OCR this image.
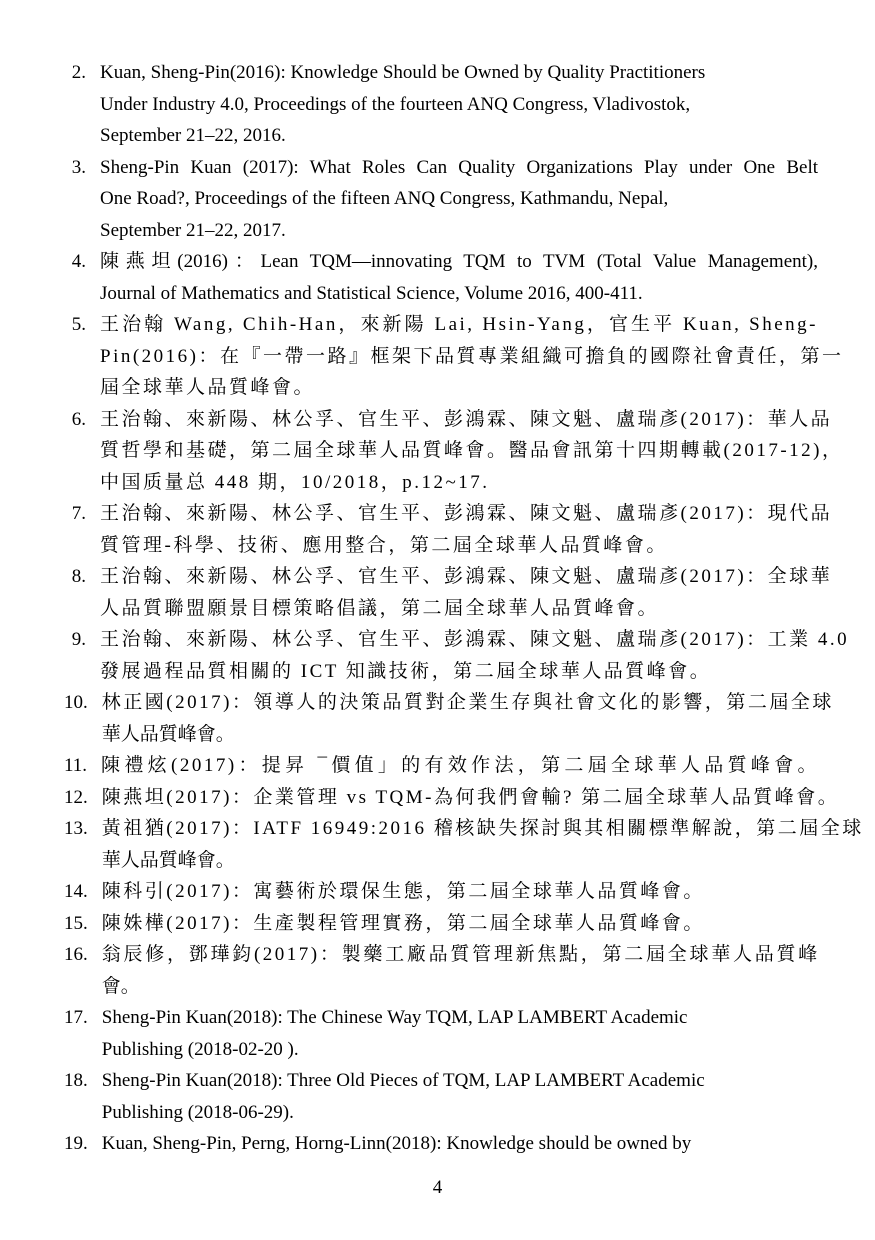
2. Kuan, Sheng-Pin(2016): Knowledge Should be Owned by Quality Practitioners
Under Industry 4.0, Proceedings of the fourteen ANQ Congress, Vladivostok,
September 21–22, 2016.
3. Sheng-Pin Kuan (2017): What Roles Can Quality Organizations Play under One Belt
One Road?, Proceedings of the fifteen ANQ Congress, Kathmandu, Nepal,
September 21–22, 2017.
4. 陳燕坦(2016)：Lean TQM—innovating TQM to TVM (Total Value Management),
Journal of Mathematics and Statistical Science, Volume 2016, 400-411.
5. 王治翰 Wang, Chih-Han，來新陽 Lai, Hsin-Yang，官生平 Kuan, Sheng-
Pin(2016)：在『一帶一路』框架下品質專業組織可擔負的國際社會責任，第一
屆全球華人品質峰會。
6. 王治翰、來新陽、林公孚、官生平、彭鴻霖、陳文魁、盧瑞彥(2017)：華人品
質哲學和基礎，第二屆全球華人品質峰會。醫品會訊第十四期轉載(2017-12)，
中国质量总 448 期，10/2018，p.12~17.
7. 王治翰、來新陽、林公孚、官生平、彭鴻霖、陳文魁、盧瑞彥(2017)：現代品
質管理-科學、技術、應用整合，第二屆全球華人品質峰會。
8. 王治翰、來新陽、林公孚、官生平、彭鴻霖、陳文魁、盧瑞彥(2017)：全球華
人品質聯盟願景目標策略倡議，第二屆全球華人品質峰會。
9. 王治翰、來新陽、林公孚、官生平、彭鴻霖、陳文魁、盧瑞彥(2017)：工業 4.0
發展過程品質相關的 ICT 知識技術，第二屆全球華人品質峰會。
10. 林正國(2017)：領導人的決策品質對企業生存與社會文化的影響，第二屆全球
華人品質峰會。
11. 陳禮炫(2017)：提昇 ¯價值」的有效作法，第二屆全球華人品質峰會。
12. 陳燕坦(2017)：企業管理 vs TQM-為何我們會輸? 第二屆全球華人品質峰會。
13. 黃祖猶(2017)：IATF 16949:2016 稽核缺失探討與其相關標準解說，第二屆全球
華人品質峰會。
14. 陳科引(2017)：寓藝術於環保生態，第二屆全球華人品質峰會。
15. 陳姝樺(2017)：生產製程管理實務，第二屆全球華人品質峰會。
16. 翁辰修，鄧璍鈞(2017)：製藥工廠品質管理新焦點，第二屆全球華人品質峰
會。
17. Sheng-Pin Kuan(2018): The Chinese Way TQM, LAP LAMBERT Academic
Publishing (2018-02-20 ).
18. Sheng-Pin Kuan(2018): Three Old Pieces of TQM, LAP LAMBERT Academic
Publishing (2018-06-29).
19. Kuan, Sheng-Pin, Perng, Horng-Linn(2018): Knowledge should be owned by
4
